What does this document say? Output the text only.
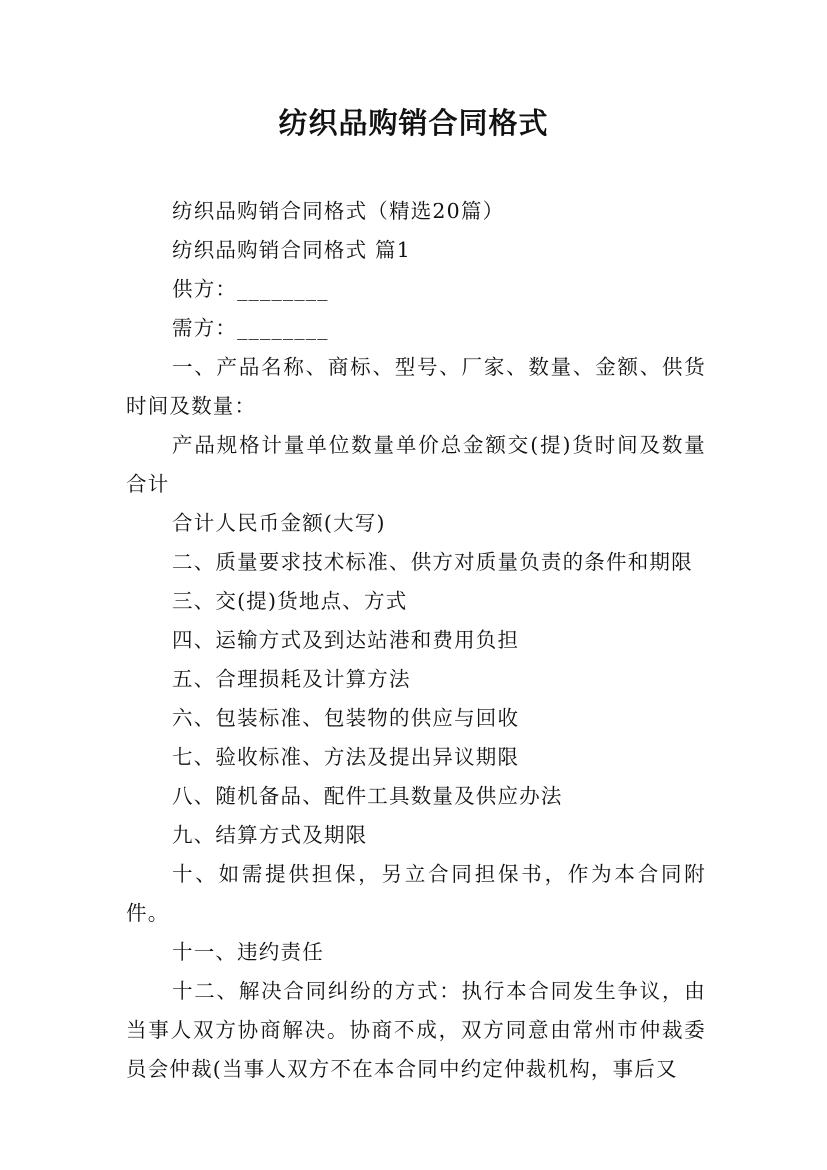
纺织品购销合同格式

纺织品购销合同格式（精选20篇）

纺织品购销合同格式 篇1

供方：________

需方：________

一、产品名称、商标、型号、厂家、数量、金额、供货时间及数量：

产品规格计量单位数量单价总金额交(提)货时间及数量合计

合计人民币金额(大写)

二、质量要求技术标准、供方对质量负责的条件和期限

三、交(提)货地点、方式

四、运输方式及到达站港和费用负担

五、合理损耗及计算方法

六、包装标准、包装物的供应与回收

七、验收标准、方法及提出异议期限

八、随机备品、配件工具数量及供应办法

九、结算方式及期限

十、如需提供担保，另立合同担保书，作为本合同附件。

十一、违约责任

十二、解决合同纠纷的方式：执行本合同发生争议，由当事人双方协商解决。协商不成，双方同意由常州市仲裁委员会仲裁(当事人双方不在本合同中约定仲裁机构，事后又
